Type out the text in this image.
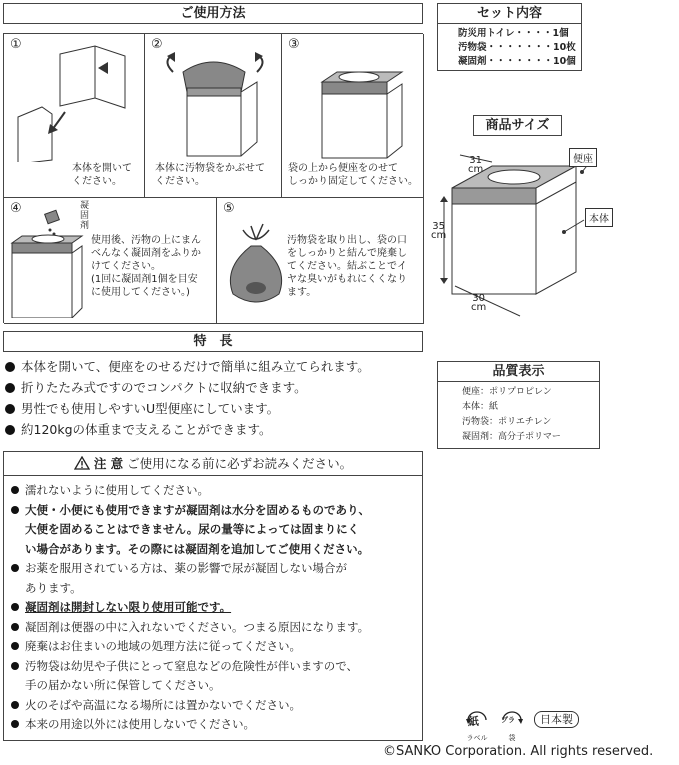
ご使用方法
①
本体を開いて
ください。
②
本体に汚物袋をかぶせて
ください。
③
袋の上から便座をのせて
しっかり固定してください。
④	凝
固
剤
使用後、汚物の上にまん
べんなく凝固剤をふりか
けてください。
(1回に凝固剤1個を目安
に使用してください。)
⑤
汚物袋を取り出し、袋の口
をしっかりと結んで廃棄し
てください。結ぶことでイ
ヤな臭いがもれにくくなり
ます。
セット内容
防災用トイレ・・・・1個
汚物袋・・・・・・・10枚
凝固剤・・・・・・・10個
商品サイズ
31
cm
35
cm
30
cm
便座
本体
特　長
本体を開いて、便座をのせるだけで簡単に組み立てられます。
折りたたみ式ですのでコンパクトに収納できます。
男性でも使用しやすいU型便座にしています。
約120kgの体重まで支えることができます。
品質表示
便座：ポリプロピレン
本体：紙
汚物袋：ポリエチレン
凝固剤：高分子ポリマー
注 意 ご使用になる前に必ずお読みください。
濡れないように使用してください。
大便・小便にも使用できますが凝固剤は水分を固めるものであり、
大便を固めることはできません。尿の量等によっては固まりにく
い場合があります。その際には凝固剤を追加してご使用ください。
お薬を服用されている方は、薬の影響で尿が凝固しない場合が
あります。
凝固剤は開封しない限り使用可能です。
凝固剤は便器の中に入れないでください。つまる原因になります。
廃棄はお住まいの地域の処理方法に従ってください。
汚物袋は幼児や子供にとって窒息などの危険性が伴いますので、
手の届かない所に保管してください。
火のそばや高温になる場所には置かないでください。
本来の用途以外には使用しないでください。	紙
ラベル
プラ
袋
日本製
©SANKO Corporation. All rights reserved.
